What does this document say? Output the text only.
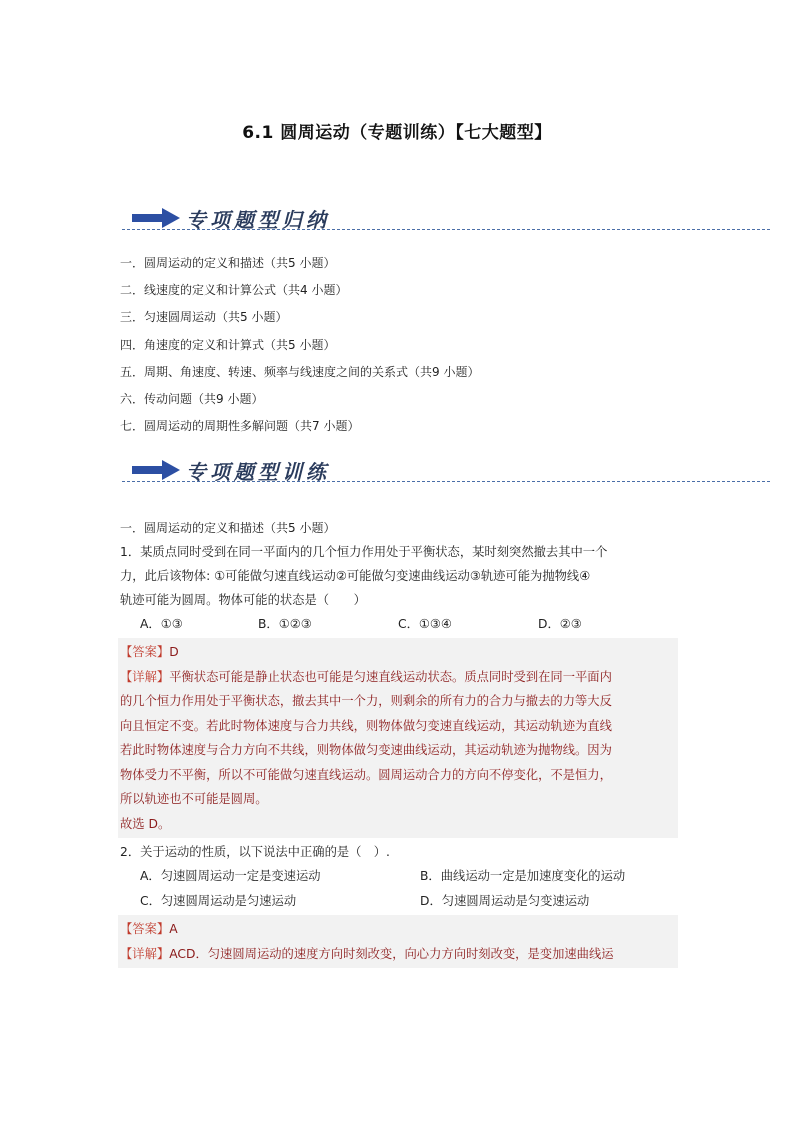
6.1 圆周运动（专题训练）【七大题型】
专项题型归纳
一．圆周运动的定义和描述（共5 小题）
二．线速度的定义和计算公式（共4 小题）
三．匀速圆周运动（共5 小题）
四．角速度的定义和计算式（共5 小题）
五．周期、角速度、转速、频率与线速度之间的关系式（共9 小题）
六．传动问题（共9 小题）
七．圆周运动的周期性多解问题（共7 小题）
专项题型训练
一．圆周运动的定义和描述（共5 小题）
1．某质点同时受到在同一平面内的几个恒力作用处于平衡状态，某时刻突然撤去其中一个
力，此后该物体: ①可能做匀速直线运动②可能做匀变速曲线运动③轨迹可能为抛物线④
轨迹可能为圆周。物体可能的状态是（　　）
A．①③	B．①②③	C．①③④	D．②③

【答案】D

【详解】平衡状态可能是静止状态也可能是匀速直线运动状态。质点同时受到在同一平面内

的几个恒力作用处于平衡状态，撤去其中一个力，则剩余的所有力的合力与撤去的力等大反

向且恒定不变。若此时物体速度与合力共线，则物体做匀变速直线运动，其运动轨迹为直线

若此时物体速度与合力方向不共线，则物体做匀变速曲线运动，其运动轨迹为抛物线。因为

物体受力不平衡，所以不可能做匀速直线运动。圆周运动合力的方向不停变化，不是恒力，

所以轨迹也不可能是圆周。

故选 D。

2．关于运动的性质，以下说法中正确的是（　）.
A．匀速圆周运动一定是变速运动	B．曲线运动一定是加速度变化的运动
C．匀速圆周运动是匀速运动	D．匀速圆周运动是匀变速运动

【答案】A

【详解】ACD．匀速圆周运动的速度方向时刻改变，向心力方向时刻改变，是变加速曲线运
